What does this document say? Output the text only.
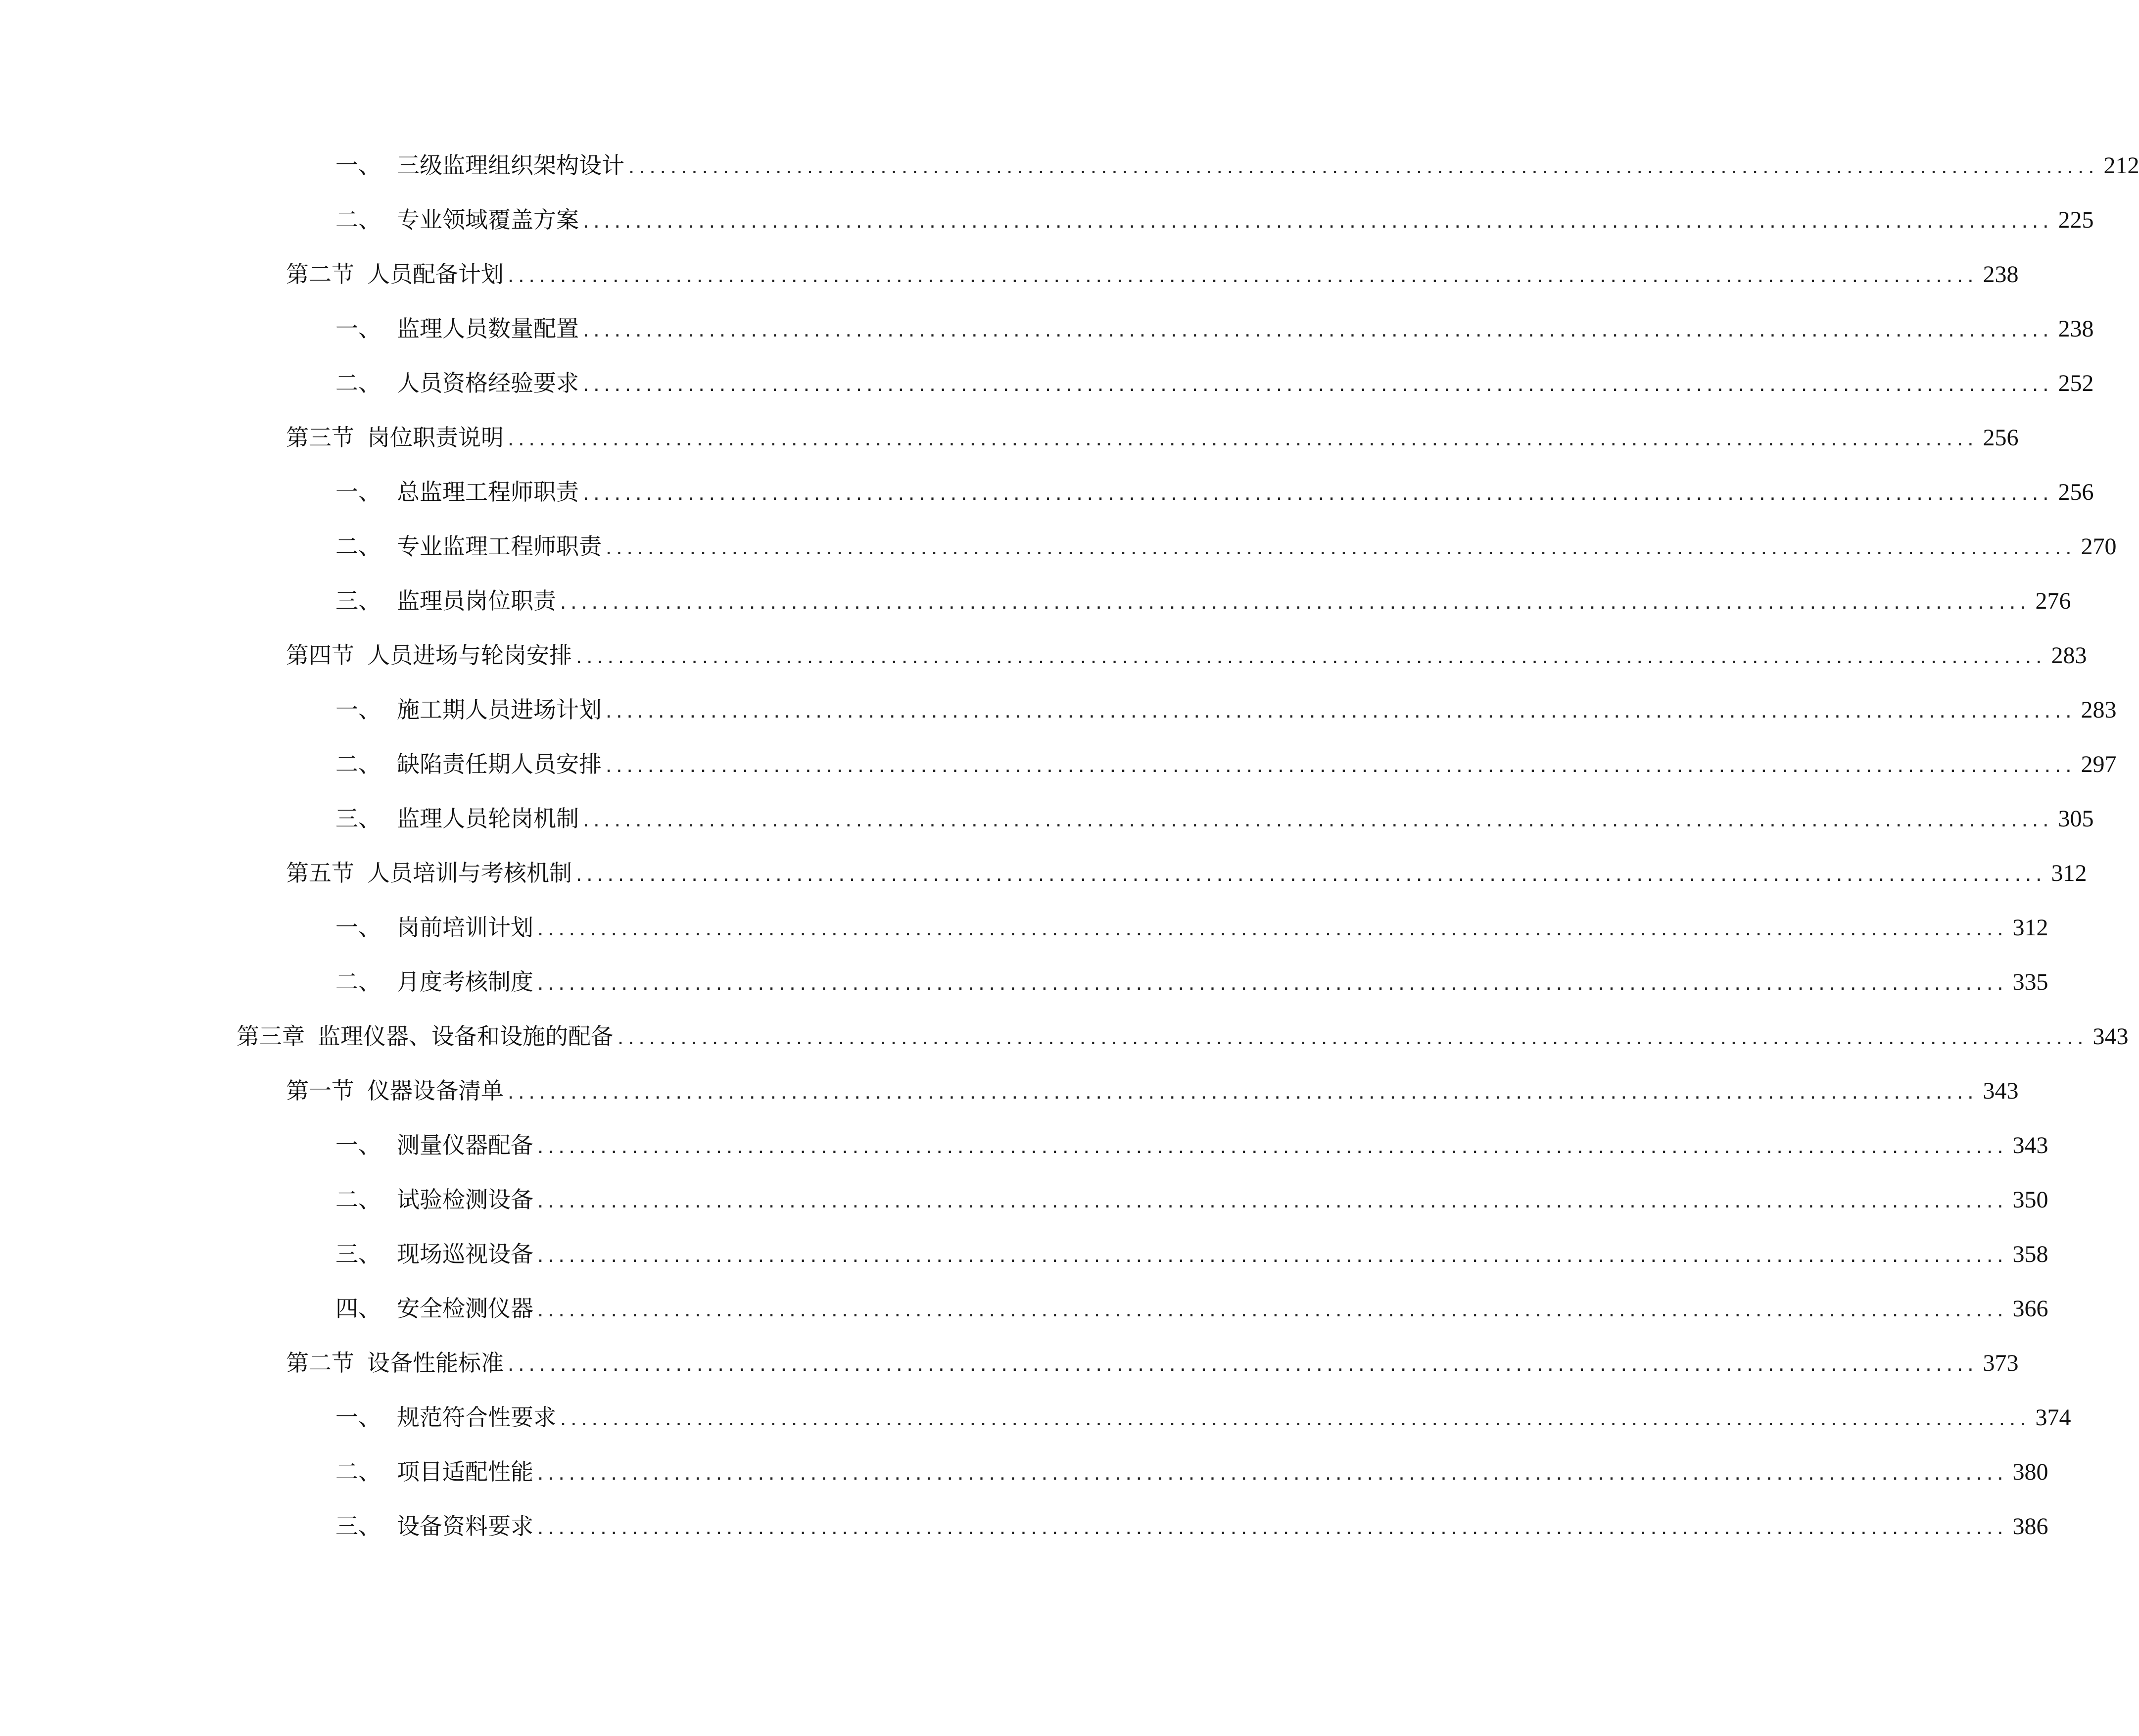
一、 三级监理组织架构设计 ............................................................................................................................................ 212
二、 专业领域覆盖方案 ............................................................................................................................................ 225
第二节 人员配备计划 ............................................................................................................................................ 238
一、 监理人员数量配置 ............................................................................................................................................ 238
二、 人员资格经验要求 ............................................................................................................................................ 252
第三节 岗位职责说明 ............................................................................................................................................ 256
一、 总监理工程师职责 ............................................................................................................................................ 256
二、 专业监理工程师职责 ............................................................................................................................................ 270
三、 监理员岗位职责 ............................................................................................................................................ 276
第四节 人员进场与轮岗安排 ............................................................................................................................................ 283
一、 施工期人员进场计划 ............................................................................................................................................ 283
二、 缺陷责任期人员安排 ............................................................................................................................................ 297
三、 监理人员轮岗机制 ............................................................................................................................................ 305
第五节 人员培训与考核机制 ............................................................................................................................................ 312
一、 岗前培训计划 ............................................................................................................................................ 312
二、 月度考核制度 ............................................................................................................................................ 335
第三章 监理仪器、设备和设施的配备 ............................................................................................................................................ 343
第一节 仪器设备清单 ............................................................................................................................................ 343
一、 测量仪器配备 ............................................................................................................................................ 343
二、 试验检测设备 ............................................................................................................................................ 350
三、 现场巡视设备 ............................................................................................................................................ 358
四、 安全检测仪器 ............................................................................................................................................ 366
第二节 设备性能标准 ............................................................................................................................................ 373
一、 规范符合性要求 ............................................................................................................................................ 374
二、 项目适配性能 ............................................................................................................................................ 380
三、 设备资料要求 ............................................................................................................................................ 386
